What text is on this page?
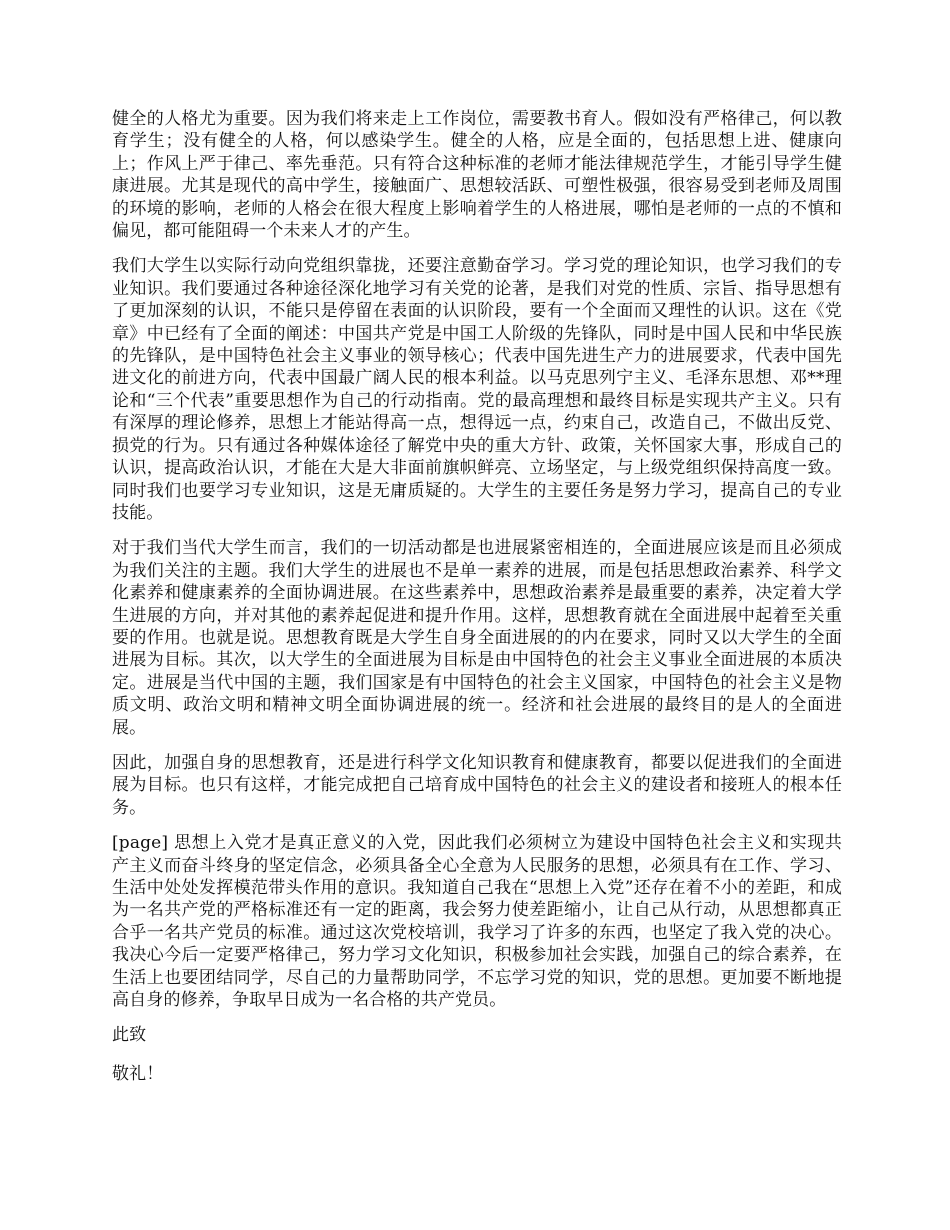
健全的人格尤为重要。因为我们将来走上工作岗位，需要教书育人。假如没有严格律己，何以教育学生；没有健全的人格，何以感染学生。健全的人格，应是全面的，包括思想上进、健康向上；作风上严于律己、率先垂范。只有符合这种标准的老师才能法律规范学生，才能引导学生健康进展。尤其是现代的高中学生，接触面广、思想较活跃、可塑性极强，很容易受到老师及周围的环境的影响，老师的人格会在很大程度上影响着学生的人格进展，哪怕是老师的一点的不慎和偏见，都可能阻碍一个未来人才的产生。

我们大学生以实际行动向党组织靠拢，还要注意勤奋学习。学习党的理论知识，也学习我们的专业知识。我们要通过各种途径深化地学习有关党的论著，是我们对党的性质、宗旨、指导思想有了更加深刻的认识，不能只是停留在表面的认识阶段，要有一个全面而又理性的认识。这在《党章》中已经有了全面的阐述：中国共产党是中国工人阶级的先锋队，同时是中国人民和中华民族的先锋队，是中国特色社会主义事业的领导核心；代表中国先进生产力的进展要求，代表中国先进文化的前进方向，代表中国最广阔人民的根本利益。以马克思列宁主义、毛泽东思想、邓**理论和“三个代表”重要思想作为自己的行动指南。党的最高理想和最终目标是实现共产主义。只有有深厚的理论修养，思想上才能站得高一点，想得远一点，约束自己，改造自己，不做出反党、损党的行为。只有通过各种媒体途径了解党中央的重大方针、政策，关怀国家大事，形成自己的认识，提高政治认识，才能在大是大非面前旗帜鲜亮、立场坚定，与上级党组织保持高度一致。同时我们也要学习专业知识，这是无庸质疑的。大学生的主要任务是努力学习，提高自己的专业技能。

对于我们当代大学生而言，我们的一切活动都是也进展紧密相连的，全面进展应该是而且必须成为我们关注的主题。我们大学生的进展也不是单一素养的进展，而是包括思想政治素养、科学文化素养和健康素养的全面协调进展。在这些素养中，思想政治素养是最重要的素养，决定着大学生进展的方向，并对其他的素养起促进和提升作用。这样，思想教育就在全面进展中起着至关重要的作用。也就是说。思想教育既是大学生自身全面进展的的内在要求，同时又以大学生的全面进展为目标。其次，以大学生的全面进展为目标是由中国特色的社会主义事业全面进展的本质决定。进展是当代中国的主题，我们国家是有中国特色的社会主义国家，中国特色的社会主义是物质文明、政治文明和精神文明全面协调进展的统一。经济和社会进展的最终目的是人的全面进展。

因此，加强自身的思想教育，还是进行科学文化知识教育和健康教育，都要以促进我们的全面进展为目标。也只有这样，才能完成把自己培育成中国特色的社会主义的建设者和接班人的根本任务。

[page] 思想上入党才是真正意义的入党，因此我们必须树立为建设中国特色社会主义和实现共产主义而奋斗终身的坚定信念，必须具备全心全意为人民服务的思想，必须具有在工作、学习、生活中处处发挥模范带头作用的意识。我知道自己我在“思想上入党”还存在着不小的差距，和成为一名共产党的严格标准还有一定的距离，我会努力使差距缩小，让自己从行动，从思想都真正合乎一名共产党员的标准。通过这次党校培训，我学习了许多的东西，也坚定了我入党的决心。我决心今后一定要严格律己，努力学习文化知识，积极参加社会实践，加强自己的综合素养，在生活上也要团结同学，尽自己的力量帮助同学，不忘学习党的知识，党的思想。更加要不断地提高自身的修养，争取早日成为一名合格的共产党员。

此致

敬礼！
